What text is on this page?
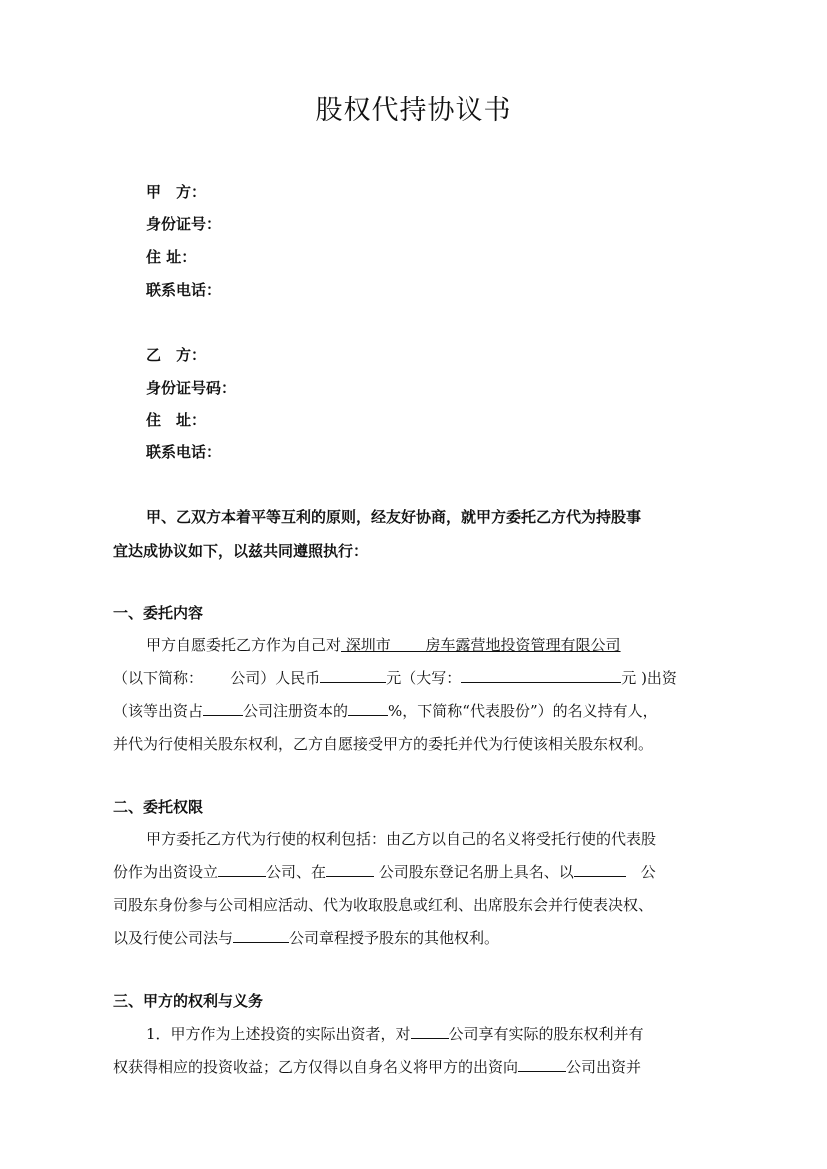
股权代持协议书
甲　方：
身份证号：
住 址：
联系电话：
乙　方：
身份证号码：
住　址：
联系电话：
甲、乙双方本着平等互利的原则，经友好协商，就甲方委托乙方代为持股事
宜达成协议如下，以兹共同遵照执行：
一、委托内容
甲方自愿委托乙方作为自己对 深圳市　　 房车露营地投资管理有限公司
（以下简称：　　 公司）人民币	元（大写：	元 )出资
（该等出资占	公司注册资本的	%，下简称“代表股份”）的名义持有人，
并代为行使相关股东权利，乙方自愿接受甲方的委托并代为行使该相关股东权利。
二、委托权限
甲方委托乙方代为行使的权利包括：由乙方以自己的名义将受托行使的代表股
份作为出资设立	公司、在	公司股东登记名册上具名、以	公
司股东身份参与公司相应活动、代为收取股息或红利、出席股东会并行使表决权、
以及行使公司法与	公司章程授予股东的其他权利。
三、甲方的权利与义务
1．甲方作为上述投资的实际出资者，对	公司享有实际的股东权利并有
权获得相应的投资收益；乙方仅得以自身名义将甲方的出资向	公司出资并
